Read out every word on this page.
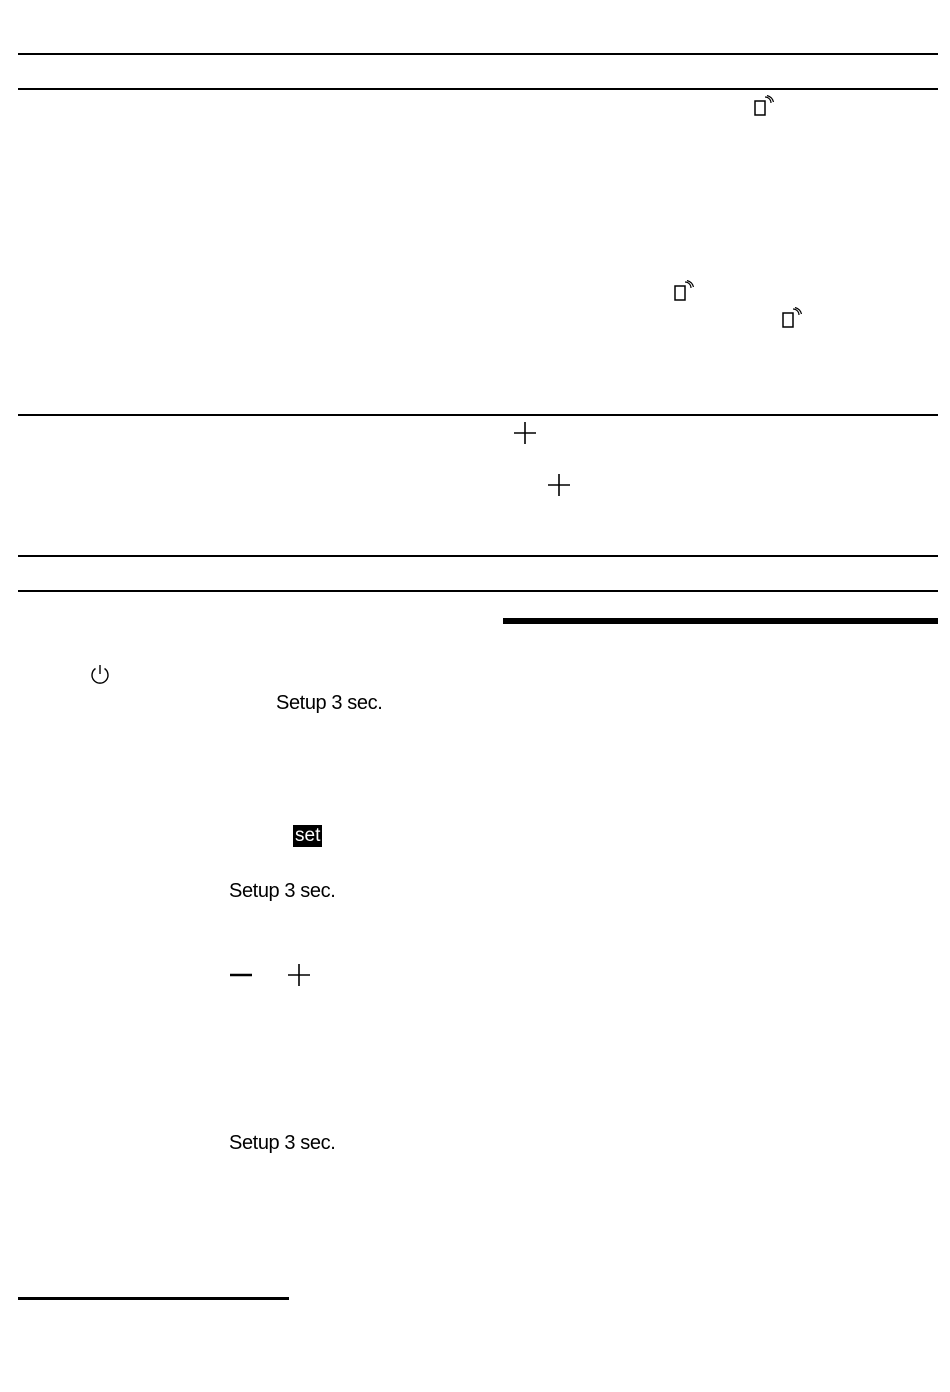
Setup 3 sec.
set
Setup 3 sec.
Setup 3 sec.
